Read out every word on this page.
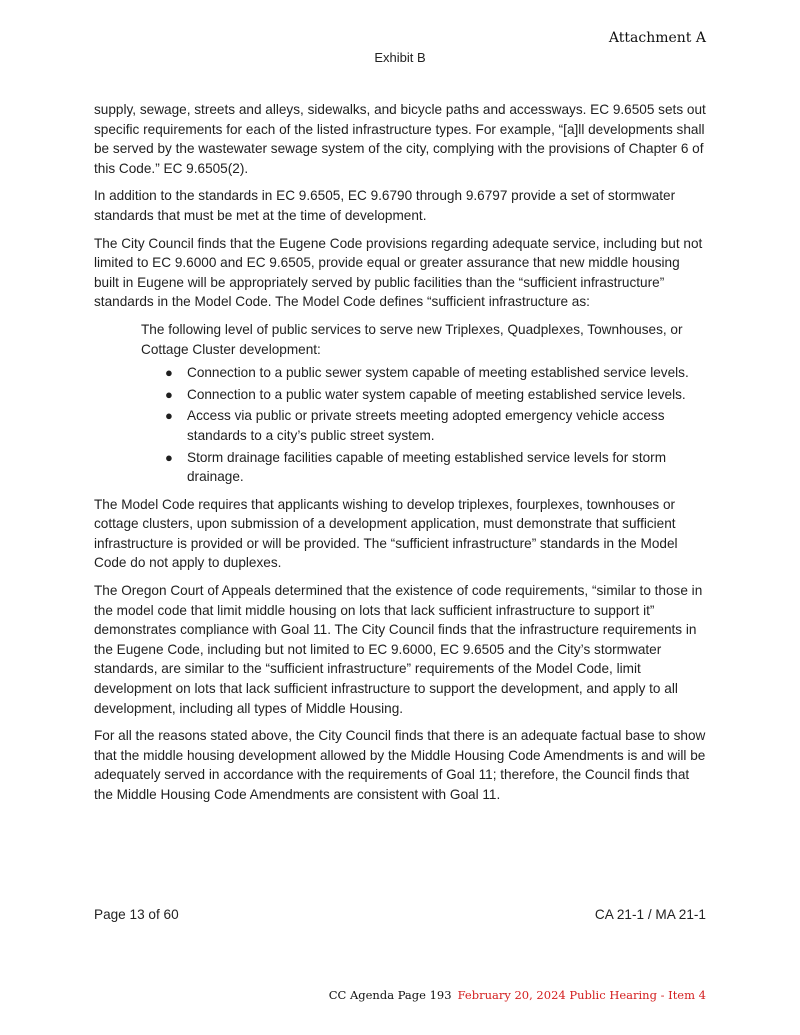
Attachment A
Exhibit B

supply, sewage, streets and alleys, sidewalks, and bicycle paths and accessways. EC 9.6505 sets out specific requirements for each of the listed infrastructure types. For example, “[a]ll developments shall be served by the wastewater sewage system of the city, complying with the provisions of Chapter 6 of this Code.” EC 9.6505(2).

In addition to the standards in EC 9.6505, EC 9.6790 through 9.6797 provide a set of stormwater standards that must be met at the time of development.

The City Council finds that the Eugene Code provisions regarding adequate service, including but not limited to EC 9.6000 and EC 9.6505, provide equal or greater assurance that new middle housing built in Eugene will be appropriately served by public facilities than the “sufficient infrastructure” standards in the Model Code. The Model Code defines “sufficient infrastructure as:

The following level of public services to serve new Triplexes, Quadplexes, Townhouses, or Cottage Cluster development:

● Connection to a public sewer system capable of meeting established service levels.
● Connection to a public water system capable of meeting established service levels.
● Access via public or private streets meeting adopted emergency vehicle access standards to a city’s public street system.
● Storm drainage facilities capable of meeting established service levels for storm drainage.

The Model Code requires that applicants wishing to develop triplexes, fourplexes, townhouses or cottage clusters, upon submission of a development application, must demonstrate that sufficient infrastructure is provided or will be provided. The “sufficient infrastructure” standards in the Model Code do not apply to duplexes.

The Oregon Court of Appeals determined that the existence of code requirements, “similar to those in the model code that limit middle housing on lots that lack sufficient infrastructure to support it” demonstrates compliance with Goal 11. The City Council finds that the infrastructure requirements in the Eugene Code, including but not limited to EC 9.6000, EC 9.6505 and the City’s stormwater standards, are similar to the “sufficient infrastructure” requirements of the Model Code, limit development on lots that lack sufficient infrastructure to support the development, and apply to all development, including all types of Middle Housing.

For all the reasons stated above, the City Council finds that there is an adequate factual base to show that the middle housing development allowed by the Middle Housing Code Amendments is and will be adequately served in accordance with the requirements of Goal 11; therefore, the Council finds that the Middle Housing Code Amendments are consistent with Goal 11.

Page 13 of 60	CA 21-1 / MA 21-1
CC Agenda Page 193 February 20, 2024 Public Hearing - Item 4
